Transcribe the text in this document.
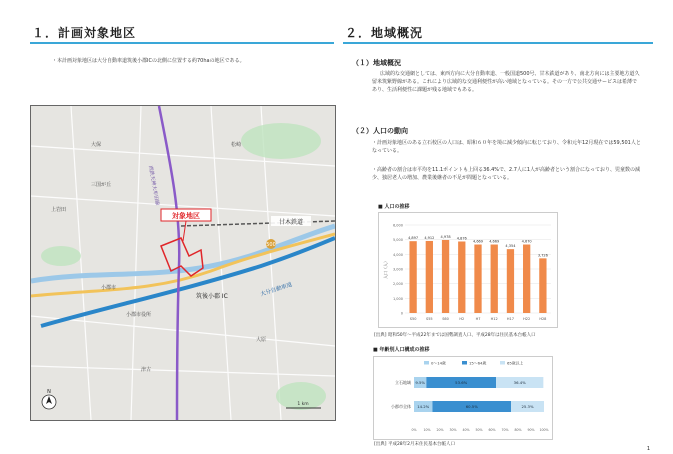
１．計画対象地区
・本計画対象地区は大分自動車道筑後小郡ICの北側に位置する約70haの地区である。
対象地区
筑後小郡 IC
甘木鉄道
大分自動車道
西鉄天神大牟田線
500
小郡市
大保	松崎
大原
上岩田
津古
三国が丘
小郡市役所
N
1 km
２．地域概況
（１）地域概況
広域的な交通網としては、東西方向に大分自動車道、一般国道500号、甘木鉄道があり、南北方向には主要地方道久留米筑紫野線がある。これにより広域的な交通利便性が高い地域となっている。その一方で公共交通サービスは希薄であり、生活利便性に課題が残る地域でもある。
（２）人口の動向
・計画対象地区のある立石校区の人口は、昭和６０年を境に減少傾向に転じており、令和元年12月現在では59,501人となっている。
・高齢者の割合は市平均を11.1ポイントも上回る36.4%で、2.7人に1人が高齢者という割合になっており、児童数の減少、独居老人の増加、農業後継者の不足が問題となっている。
■ 人口の推移
6,000
5,000
4,000
3,000
2,000
1,000
0
人口（人）
4,897
S50
4,912
S55
4,978
S60
4,876
H2
4,669
H7
4,669
H12
4,354
H17
4,670
H22
3,726
H28
[出典] 昭和50年〜平成22年までは国勢調査人口、平成28年は住民基本台帳人口
■ 年齢別人口構成の推移
0〜14歳	15〜64歳	65歳以上
立石地域 9.5%	53.6%	36.4%
小郡市全体 14.2%	60.5%	25.3%
0% 10% 20% 30% 40% 50% 60% 70% 80% 90% 100%
[出典] 平成28年2月末住民基本台帳人口
1
